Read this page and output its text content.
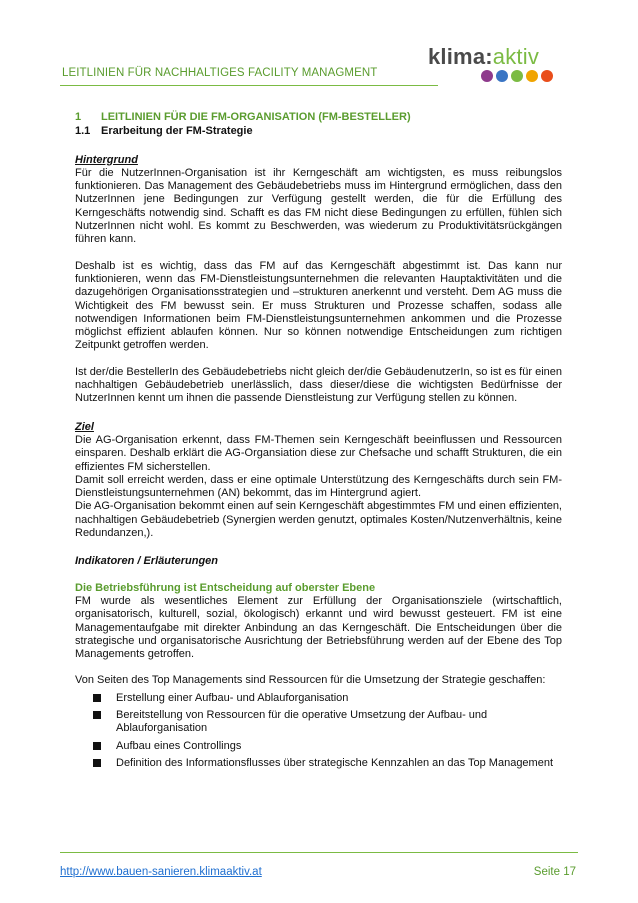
LEITLINIEN FÜR NACHHALTIGES FACILITY MANAGMENT
klima:aktiv
1	LEITLINIEN FÜR DIE FM-ORGANISATION (FM-BESTELLER)
1.1 Erarbeitung der FM-Strategie
Hintergrund

Für die NutzerInnen-Organisation ist ihr Kerngeschäft am wichtigsten, es muss reibungslos funktionieren. Das Management des Gebäudebetriebs muss im Hintergrund ermöglichen, dass den NutzerInnen jene Bedingungen zur Verfügung gestellt werden, die für die Erfüllung des Kerngeschäfts notwendig sind. Schafft es das FM nicht diese Bedingungen zu erfüllen, fühlen sich NutzerInnen nicht wohl. Es kommt zu Beschwerden, was wiederum zu Produktivitätsrückgängen führen kann.

Deshalb ist es wichtig, dass das FM auf das Kerngeschäft abgestimmt ist. Das kann nur funktionieren, wenn das FM-Dienstleistungsunternehmen die relevanten Hauptaktivitäten und die dazugehörigen Organisationsstrategien und –strukturen anerkennt und versteht. Dem AG muss die Wichtigkeit des FM bewusst sein. Er muss Strukturen und Prozesse schaffen, sodass alle notwendigen Informationen beim FM-Dienstleistungsunternehmen ankommen und die Prozesse möglichst effizient ablaufen können. Nur so können notwendige Entscheidungen zum richtigen Zeitpunkt getroffen werden.

Ist der/die BestellerIn des Gebäudebetriebs nicht gleich der/die GebäudenutzerIn, so ist es für einen nachhaltigen Gebäudebetrieb unerlässlich, dass dieser/diese die wichtigsten Bedürfnisse der NutzerInnen kennt um ihnen die passende Dienstleistung zur Verfügung stellen zu können.

Ziel

Die AG-Organisation erkennt, dass FM-Themen sein Kerngeschäft beeinflussen und Ressourcen einsparen. Deshalb erklärt die AG-Organsiation diese zur Chefsache und schafft Strukturen, die ein effizientes FM sicherstellen.

Damit soll erreicht werden, dass er eine optimale Unterstützung des Kerngeschäfts durch sein FM-Dienstleistungsunternehmen (AN) bekommt, das im Hintergrund agiert.

Die AG-Organisation bekommt einen auf sein Kerngeschäft abgestimmtes FM und einen effizienten, nachhaltigen Gebäudebetrieb (Synergien werden genutzt, optimales Kosten/Nutzenverhältnis, keine Redundanzen,).

Indikatoren / Erläuterungen
Die Betriebsführung ist Entscheidung auf oberster Ebene

FM wurde als wesentliches Element zur Erfüllung der Organisationsziele (wirtschaftlich, organisatorisch, kulturell, sozial, ökologisch) erkannt und wird bewusst gesteuert. FM ist eine Managementaufgabe mit direkter Anbindung an das Kerngeschäft. Die Entscheidungen über die strategische und organisatorische Ausrichtung der Betriebsführung werden auf der Ebene des Top Managements getroffen.

Von Seiten des Top Managements sind Ressourcen für die Umsetzung der Strategie geschaffen:

Erstellung einer Aufbau- und Ablauforganisation
Bereitstellung von Ressourcen für die operative Umsetzung der Aufbau- und Ablauforganisation
Aufbau eines Controllings
Definition des Informationsflusses über strategische Kennzahlen an das Top Management
http://www.bauen-sanieren.klimaaktiv.at	Seite 17
